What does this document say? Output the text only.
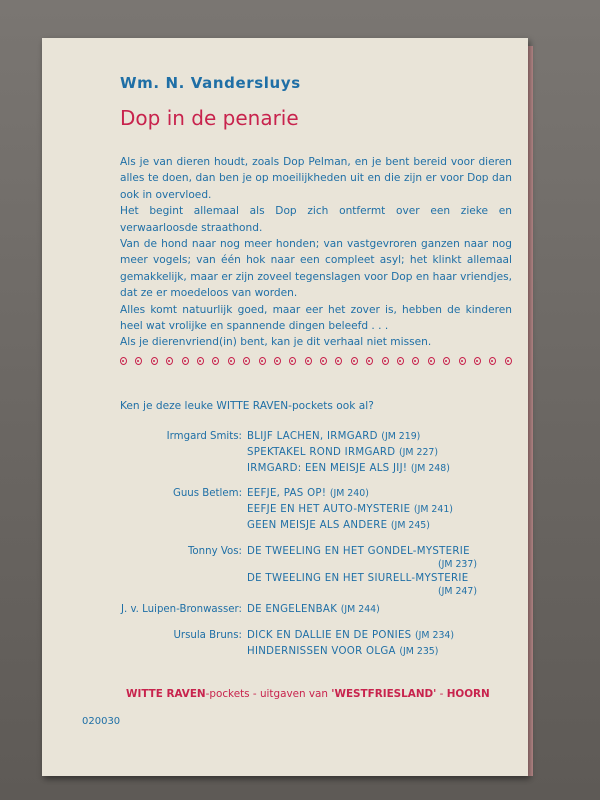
Wm. N. Vandersluys
Dop in de penarie

Als je van dieren houdt, zoals Dop Pelman, en je bent bereid voor dieren alles te doen, dan ben je op moeilijkheden uit en die zijn er voor Dop dan ook in overvloed.

Het begint allemaal als Dop zich ontfermt over een zieke en verwaarloosde straathond.

Van de hond naar nog meer honden; van vastgevroren ganzen naar nog meer vogels; van één hok naar een compleet asyl; het klinkt allemaal gemakkelijk, maar er zijn zoveel tegenslagen voor Dop en haar vriendjes, dat ze er moedeloos van worden.

Alles komt natuurlijk goed, maar eer het zover is, hebben de kinderen heel wat vrolijke en spannende dingen beleefd . . .

Als je dierenvriend(in) bent, kan je dit verhaal niet missen.

Ken je deze leuke WITTE RAVEN-pockets ook al?
Irmgard Smits: BLIJF LACHEN, IRMGARD (JM 219)
SPEKTAKEL ROND IRMGARD (JM 227)
IRMGARD: EEN MEISJE ALS JIJ! (JM 248)
Guus Betlem: EEFJE, PAS OP! (JM 240)
EEFJE EN HET AUTO-MYSTERIE (JM 241)
GEEN MEISJE ALS ANDERE (JM 245)
Tonny Vos: DE TWEELING EN HET GONDEL-MYSTERIE
(JM 237)
DE TWEELING EN HET SIURELL-MYSTERIE
(JM 247)
J. v. Luipen-Bronwasser: DE ENGELENBAK (JM 244)
Ursula Bruns: DICK EN DALLIE EN DE PONIES (JM 234)
HINDERNISSEN VOOR OLGA (JM 235)
WITTE RAVEN-pockets - uitgaven van 'WESTFRIESLAND' - HOORN
020030
